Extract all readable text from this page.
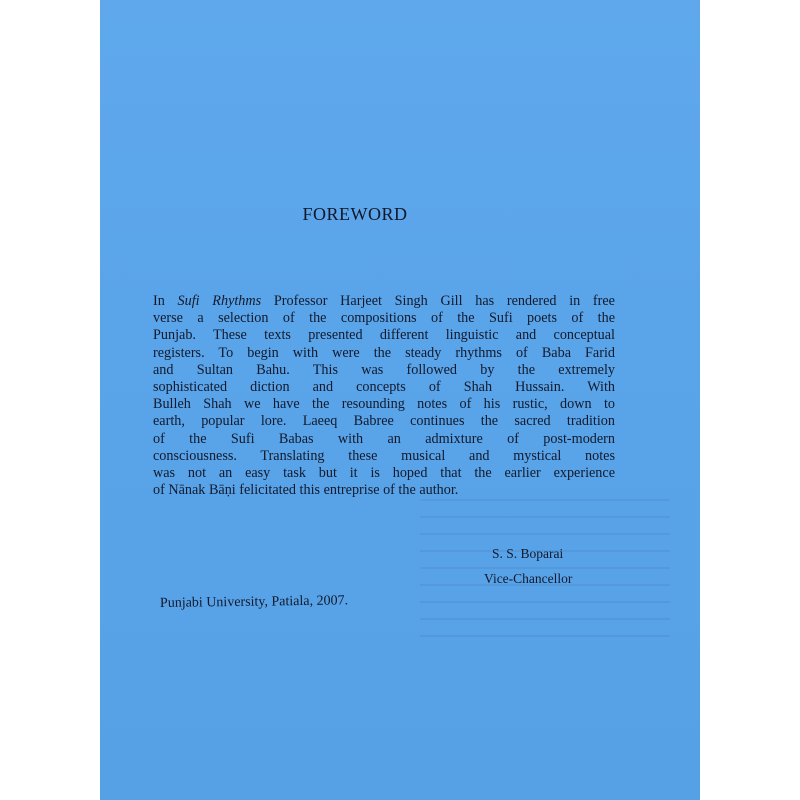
FOREWORD
In Sufi Rhythms Professor Harjeet Singh Gill has rendered in free
verse a selection of the compositions of the Sufi poets of the
Punjab. These texts presented different linguistic and conceptual
registers. To begin with were the steady rhythms of Baba Farid
and Sultan Bahu. This was followed by the extremely
sophisticated diction and concepts of Shah Hussain. With
Bulleh Shah we have the resounding notes of his rustic, down to
earth, popular lore. Laeeq Babree continues the sacred tradition
of the Sufi Babas with an admixture of post-modern
consciousness. Translating these musical and mystical notes
was not an easy task but it is hoped that the earlier experience
of Nānak Bāṇi felicitated this entreprise of the author.
S. S. Boparai
Vice-Chancellor
Punjabi University, Patiala, 2007.
